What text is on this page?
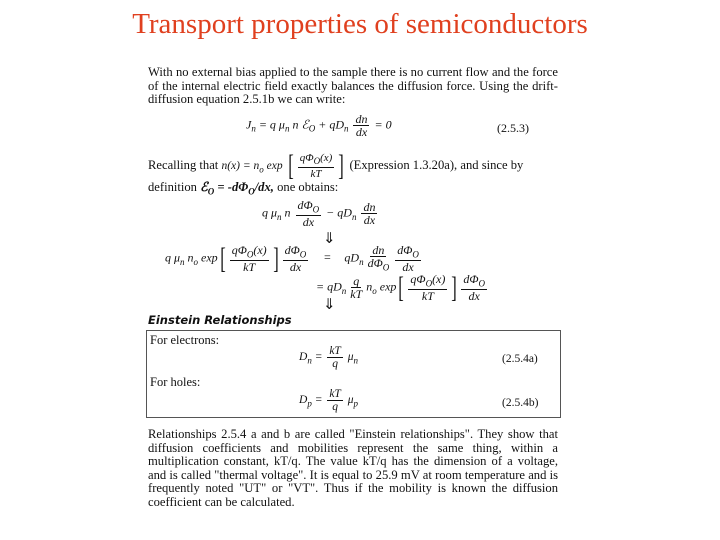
Transport properties of semiconductors
With no external bias applied to the sample there is no current flow and the force of the internal electric field exactly balances the diffusion force. Using the drift-diffusion equation 2.5.1b we can write:
$J_n = q$ $\mu_n$ n ℰ$_O$ + $qD_n \frac{dn}{dx} = 0$	(2.5.3)
Recalling that $n(x) = n_o$ exp [ $\frac{q\Phi_O(x)}{kT}$ ] (Expression 1.3.20a), and since by
definition ℰ$_O$ = $-d\Phi_O/dx$, one obtains:
q $\mu_n$ n $\frac{d\Phi_O}{dx} - qD_n \frac{dn}{dx}$
⇓
q $\mu_n$ $n_o$ $\exp[ \frac{q\Phi_O(x)}{kT}$ ] $\frac{d\Phi_O}{dx} = qD_n \frac{dn}{d\Phi_O} \frac{d\Phi_O}{dx}$
= $qD_n \frac{q}{kT} n_o$ $\exp[ \frac{q\Phi_O(x)}{kT}$ ] $\frac{d\Phi_O}{dx}$
⇓
Einstein Relationships
For electrons:
$D_n = \frac{kT}{q} \mu_n$	(2.5.4a)
For holes:
$D_p = \frac{kT}{q} \mu_p$	(2.5.4b)
Relationships 2.5.4 a and b are called "Einstein relationships". They show that diffusion coefficients and mobilities represent the same thing, within a multiplication constant, kT/q. The value kT/q has the dimension of a voltage, and is called "thermal voltage". It is equal to 25.9 mV at room temperature and is frequently noted "UT" or "VT". Thus if the mobility is known the diffusion coefficient can be calculated.
